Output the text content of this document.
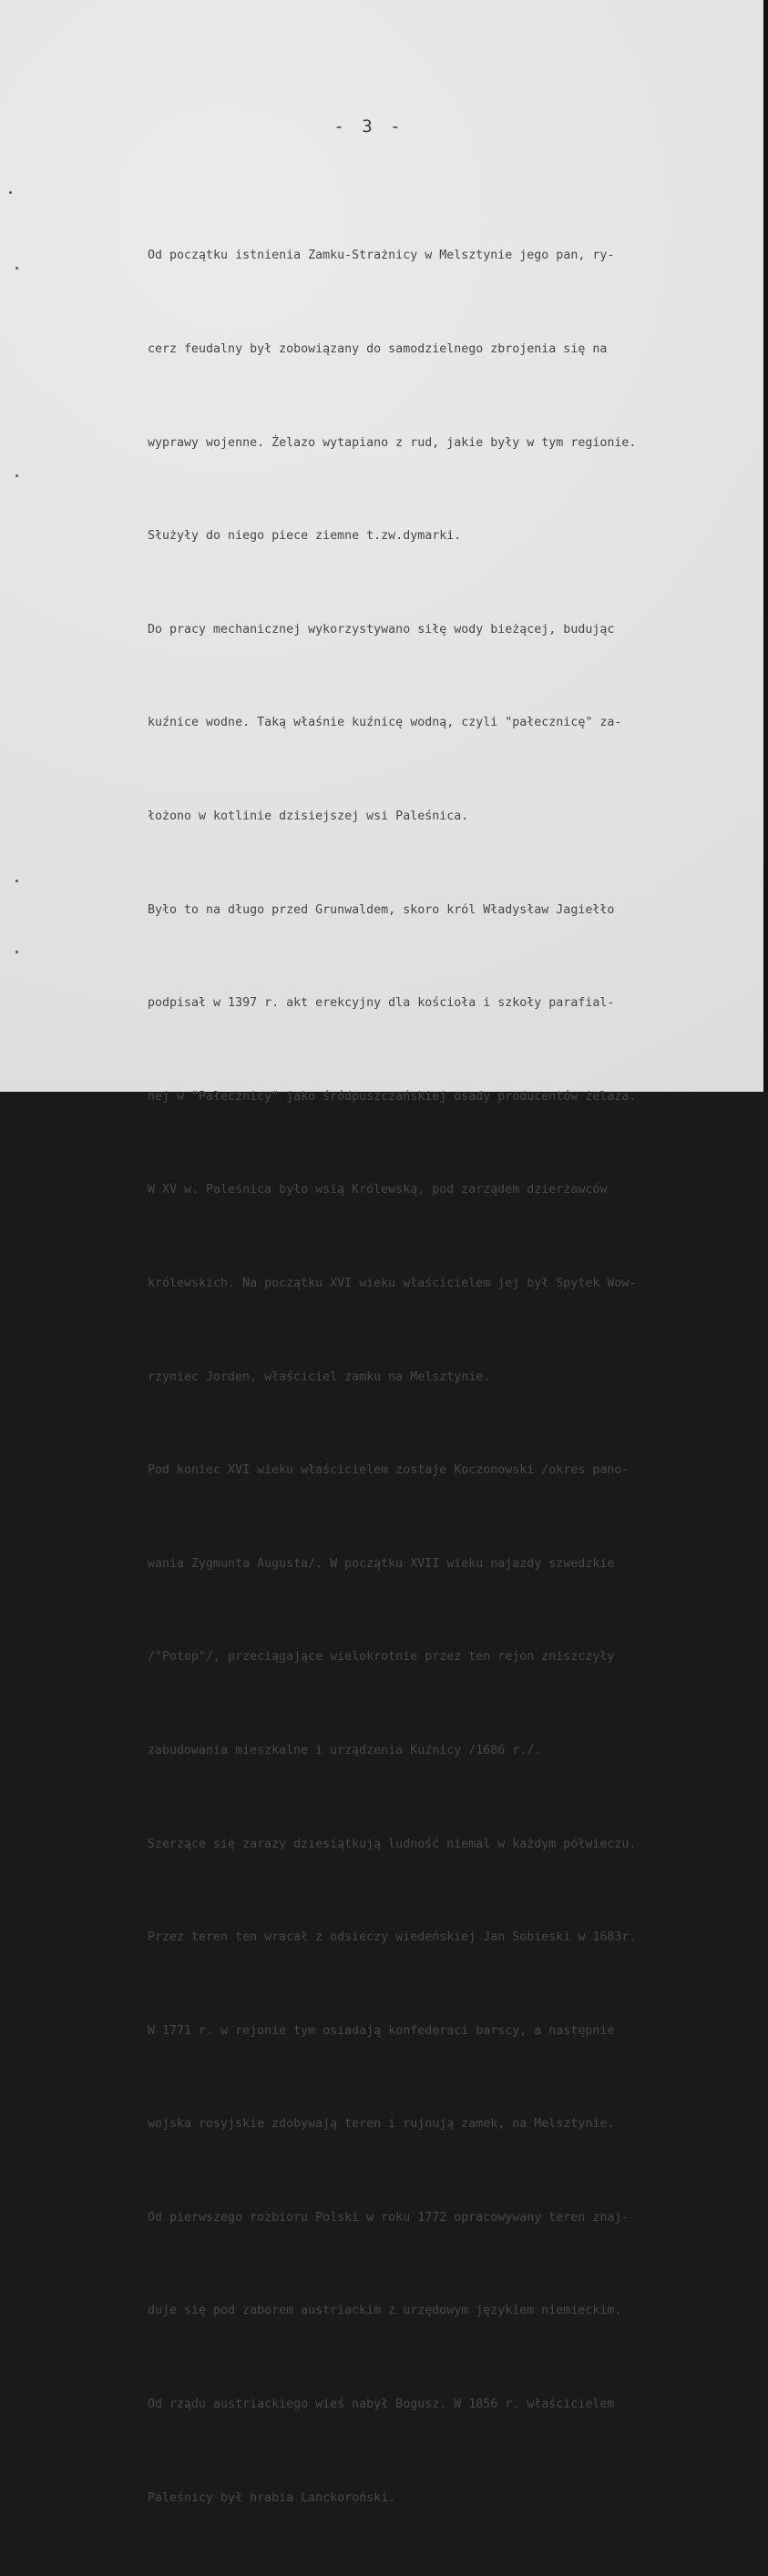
- 3 -

Od początku istnienia Zamku-Strażnicy w Melsztynie jego pan, ry-

cerz feudalny był zobowiązany do samodzielnego zbrojenia się na

wyprawy wojenne. Żelazo wytapiano z rud, jakie były w tym regionie.

Służyły do niego piece ziemne t.zw.dymarki.

Do pracy mechanicznej wykorzystywano siłę wody bieżącej, budując

kuźnice wodne. Taką właśnie kuźnicę wodną, czyli "pałecznicę" za-

łożono w kotlinie dzisiejszej wsi Paleśnica.

Było to na długo przed Grunwaldem, skoro król Władysław Jagiełło

podpisał w 1397 r. akt erekcyjny dla kościoła i szkoły parafial-

nej w "Pałecznicy" jako śródpuszczańskiej osady producentów żelaza.

W XV w. Paleśnica było wsią Królewską, pod zarządem dzierżawców

królewskich. Na początku XVI wieku właścicielem jej był Spytek Wow-

rzyniec Jorden, właściciel zamku na Melsztynie.

Pod koniec XVI wieku właścicielem zostaje Koczonowski /okres pano-

wania Zygmunta Augusta/. W początku XVII wieku najazdy szwedzkie

/"Potop"/, przeciągające wielokrotnie przez ten rejon zniszczyły

zabudowania mieszkalne i urządzenia Kuźnicy /1686 r./.

Szerzące się zarazy dziesiątkują ludność niemal w każdym półwieczu.

Przez teren ten wracał z odsieczy wiedeńskiej Jan Sobieski w 1683r.

W 1771 r. w rejonie tym osiadają konfederaci barscy, a następnie

wojska rosyjskie zdobywają teren i rujnują zamek, na Melsztynie.

Od pierwszego rozbioru Polski w roku 1772 opracowywany teren znaj-

duje się pod zaborem austriackim z urzędowym językiem niemieckim.

Od rządu austriackiego wieś nabył Bogusz. W 1856 r. właścicielem

Paleśnicy był hrabia Lanckoroński.
